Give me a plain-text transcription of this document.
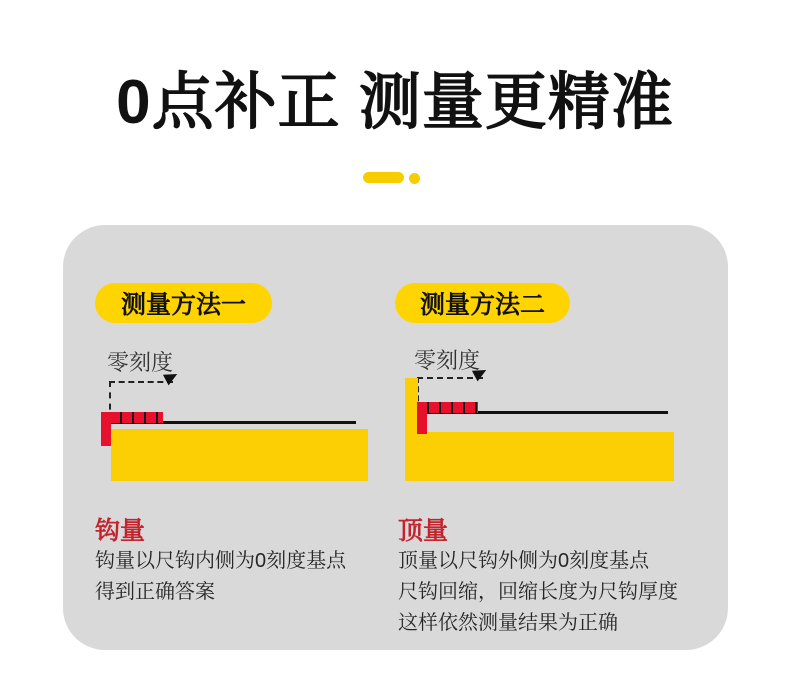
0点补正 测量更精准
测量方法一
零刻度
钩量
钩量以尺钩内侧为0刻度基点
得到正确答案
测量方法二
零刻度
顶量
顶量以尺钩外侧为0刻度基点
尺钩回缩，回缩长度为尺钩厚度
这样依然测量结果为正确
